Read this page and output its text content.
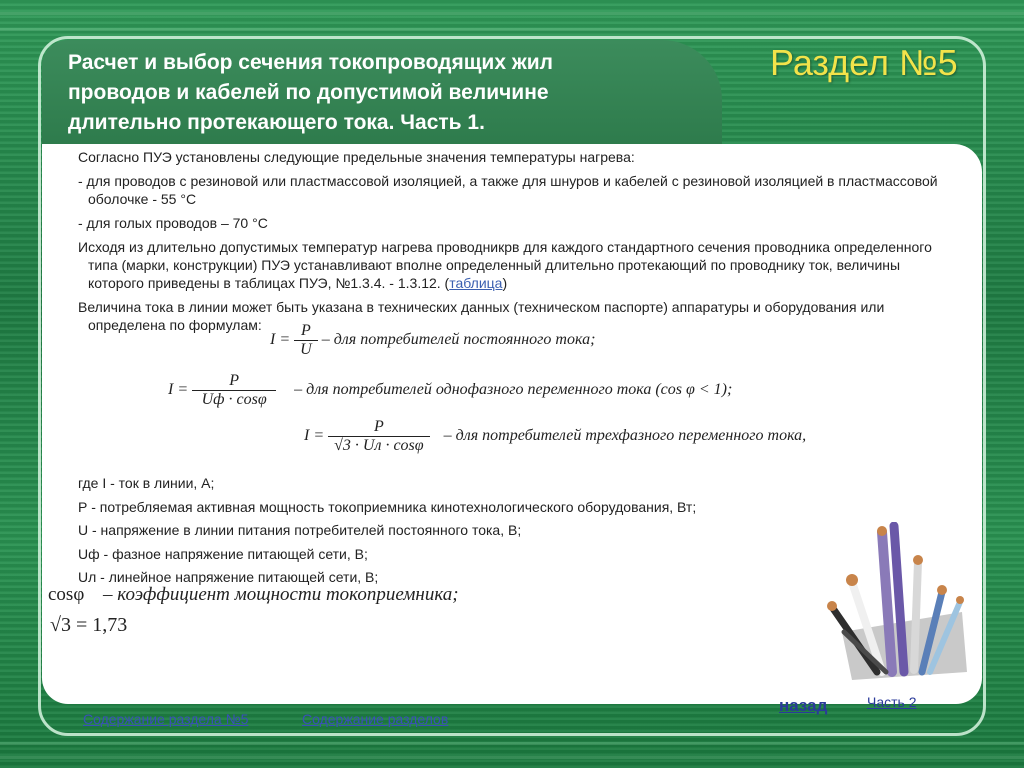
Расчет и выбор сечения токопроводящих жил
проводов и кабелей по допустимой величине
длительно протекающего тока. Часть 1.
Раздел №5

Согласно ПУЭ установлены следующие предельные значения температуры нагрева:

- для проводов с резиновой или пластмассовой изоляцией, а также для шнуров и кабелей с резиновой изоляцией в пластмассовой оболочке - 55 °С

- для голых проводов – 70 °С

Исходя из длительно допустимых температур нагрева проводникрв для каждого стандартного сечения проводника определенного типа (марки, конструкции) ПУЭ устанавливают вполне определенный длительно протекающий по проводнику ток, величины которого приведены в таблицах ПУЭ, №1.3.4. - 1.3.12. (таблица)

Величина тока в линии может быть указана в технических данных (техническом паспорте) аппаратуры и оборудования или определена по формулам:

$I = \frac{P}{U}$ – для потребителей постоянного тока;
$I = \frac{P}{Uф \cdot \cos\varphi}$ – для потребителей однофазного переменного тока (cos φ < 1);
$I = \frac{P}{√3 \cdot Uл \cdot \cos\varphi}$ – для потребителей трехфазного переменного тока,

где I - ток в линии, А;

Р - потребляемая активная мощность токоприемника кинотехнологического оборудования, Вт;

U - напряжение в линии питания потребителей постоянного тока, В;

Uф - фазное напряжение питающей сети, В;

Uл - линейное напряжение питающей сети, В;

cosφ – коэффициент мощности токоприемника;
√3 = 1,73
Содержание раздела №5	Содержание разделов
назад	Часть 2
